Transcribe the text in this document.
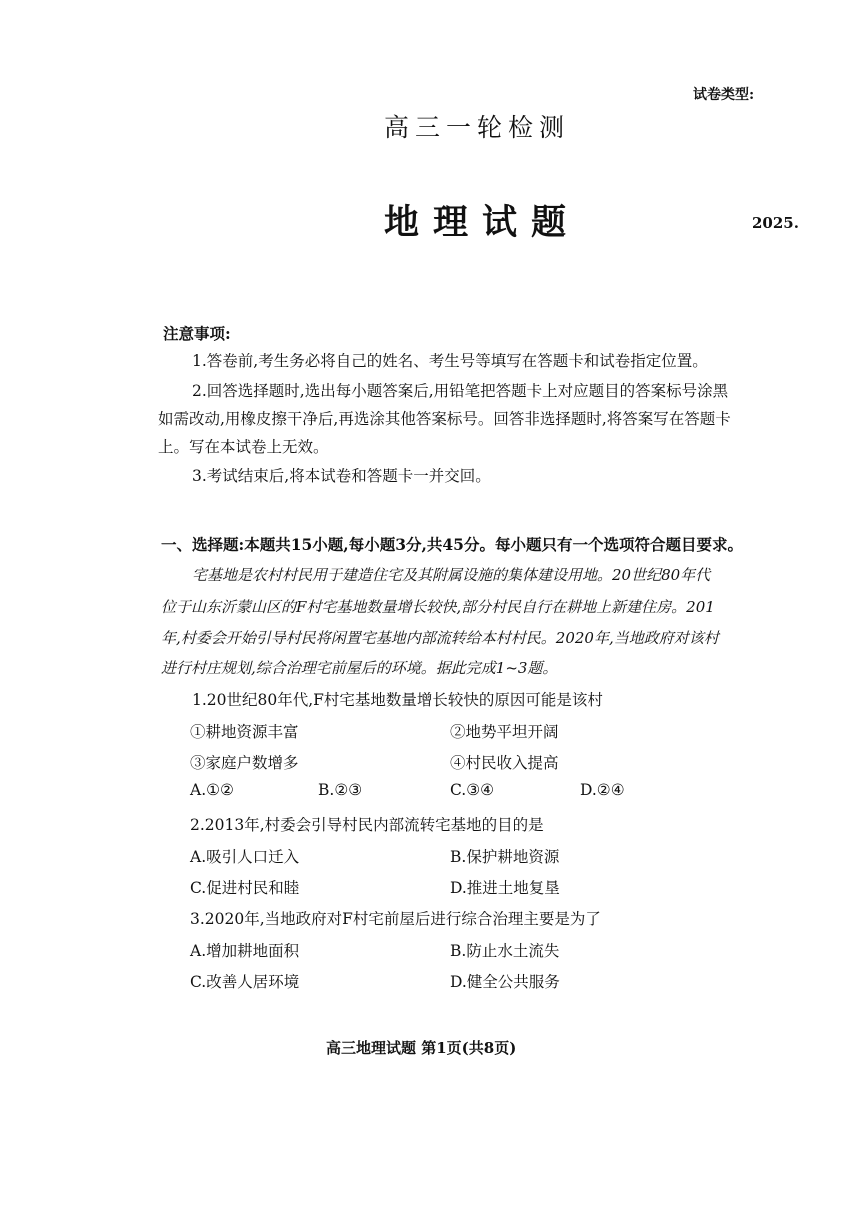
试卷类型:
高三一轮检测
地理试题	2025.
注意事项:
1.答卷前,考生务必将自己的姓名、考生号等填写在答题卡和试卷指定位置。
2.回答选择题时,选出每小题答案后,用铅笔把答题卡上对应题目的答案标号涂黑
如需改动,用橡皮擦干净后,再选涂其他答案标号。回答非选择题时,将答案写在答题卡
上。写在本试卷上无效。
3.考试结束后,将本试卷和答题卡一并交回。
一、选择题:本题共15小题,每小题3分,共45分。每小题只有一个选项符合题目要求。
宅基地是农村村民用于建造住宅及其附属设施的集体建设用地。20世纪80年代
位于山东沂蒙山区的F村宅基地数量增长较快,部分村民自行在耕地上新建住房。201
年,村委会开始引导村民将闲置宅基地内部流转给本村村民。2020年,当地政府对该村
进行村庄规划,综合治理宅前屋后的环境。据此完成1~3题。
1.20世纪80年代,F村宅基地数量增长较快的原因可能是该村
①耕地资源丰富	②地势平坦开阔
③家庭户数增多	④村民收入提高
A.①②	B.②③	C.③④	D.②④
2.2013年,村委会引导村民内部流转宅基地的目的是
A.吸引人口迁入	B.保护耕地资源
C.促进村民和睦	D.推进土地复垦
3.2020年,当地政府对F村宅前屋后进行综合治理主要是为了
A.增加耕地面积	B.防止水土流失
C.改善人居环境	D.健全公共服务
高三地理试题 第1页(共8页)
